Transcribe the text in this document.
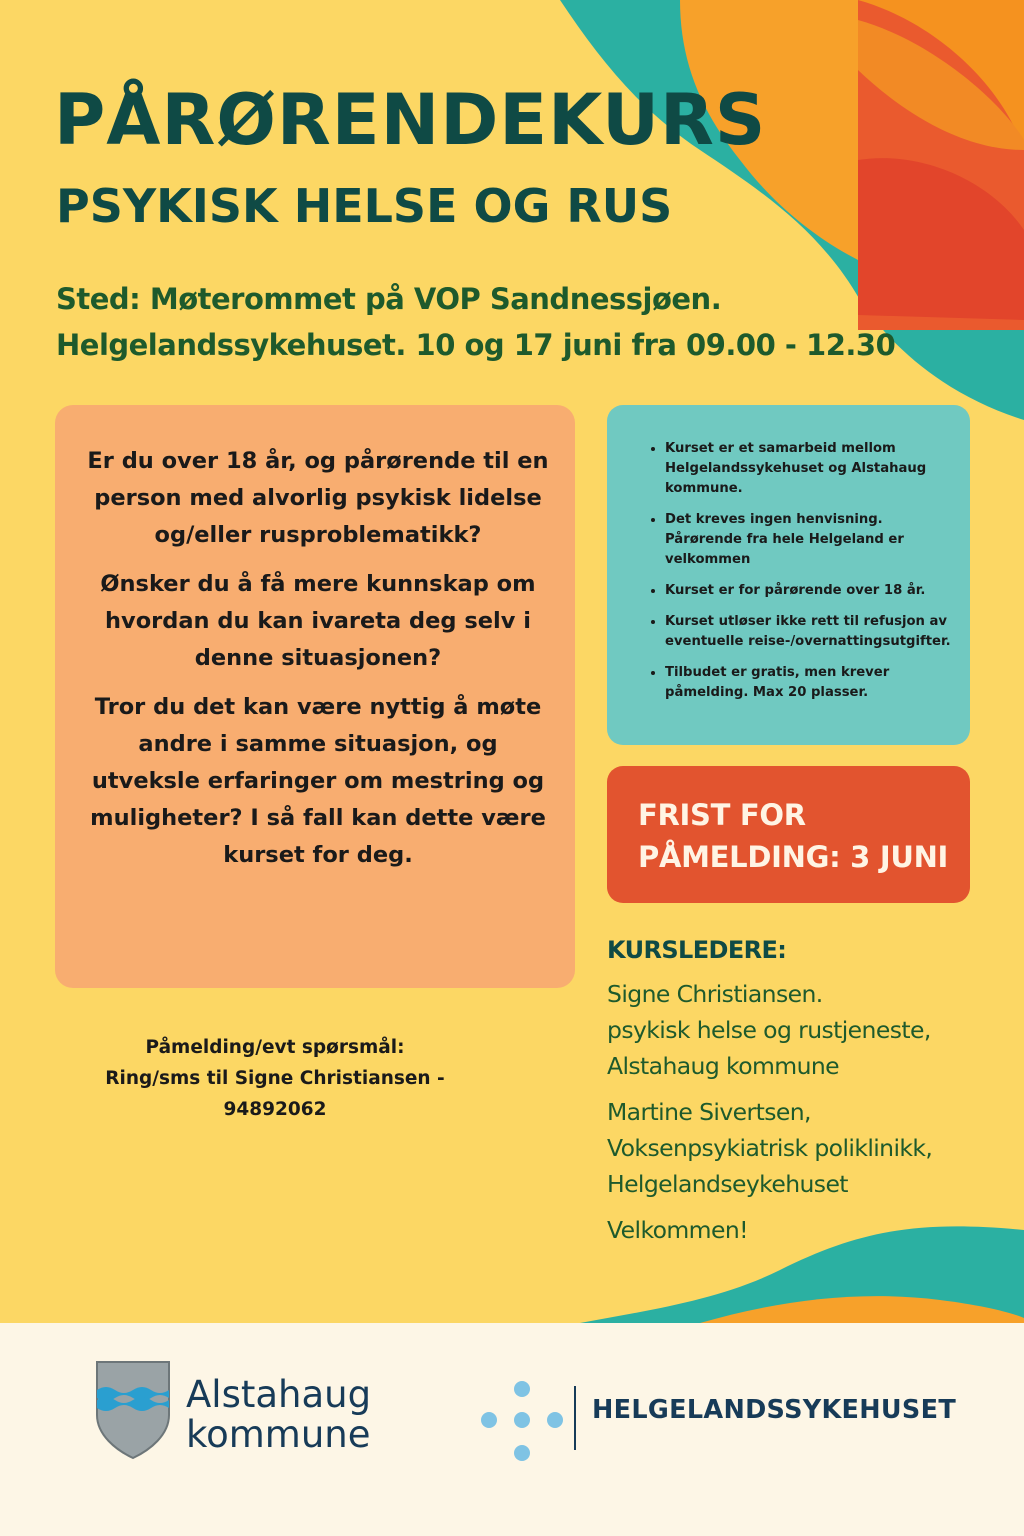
PÅRØRENDEKURS
PSYKISK HELSE OG RUS
Sted: Møterommet på VOP Sandnessjøen.
Helgelandssykehuset. 10 og 17 juni fra 09.00 - 12.30

Er du over 18 år, og pårørende til en person med alvorlig psykisk lidelse og/eller rusproblematikk?

Ønsker du å få mere kunnskap om hvordan du kan ivareta deg selv i denne situasjonen?

Tror du det kan være nyttig å møte andre i samme situasjon, og utveksle erfaringer om mestring og muligheter? I så fall kan dette være kurset for deg.

• Kurset er et samarbeid mellom Helgelandssykehuset og Alstahaug kommune.
• Det kreves ingen henvisning. Pårørende fra hele Helgeland er velkommen
• Kurset er for pårørende over 18 år.
• Kurset utløser ikke rett til refusjon av eventuelle reise-/overnattingsutgifter.
• Tilbudet er gratis, men krever påmelding. Max 20 plasser.
FRIST FOR
PÅMELDING: 3 JUNI
Påmelding/evt spørsmål:
Ring/sms til Signe Christiansen -
94892062
KURSLEDERE:
Signe Christiansen.
psykisk helse og rustjeneste,
Alstahaug kommune
Martine Sivertsen,
Voksenpsykiatrisk poliklinikk,
Helgelandseykehuset
Velkommen!
Alstahaug
kommune
HELGELANDSSYKEHUSET
